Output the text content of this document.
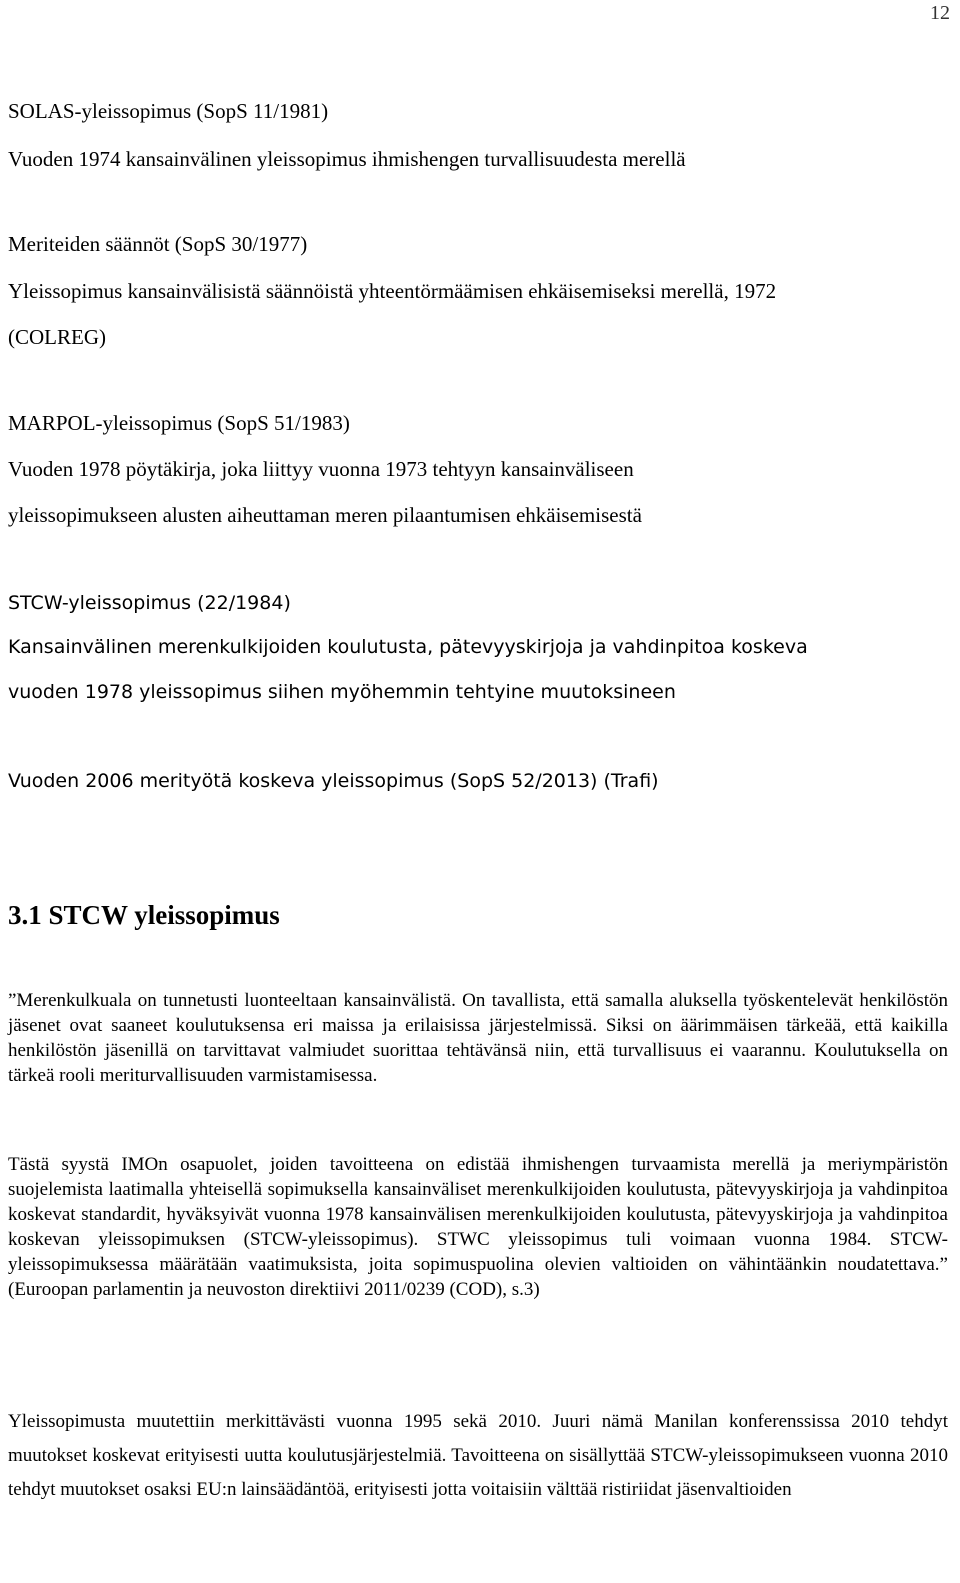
12
SOLAS-yleissopimus (SopS 11/1981)
Vuoden 1974 kansainvälinen yleissopimus ihmishengen turvallisuudesta merellä
Meriteiden säännöt (SopS 30/1977)
Yleissopimus kansainvälisistä säännöistä yhteentörmäämisen ehkäisemiseksi merellä, 1972
(COLREG)
MARPOL-yleissopimus (SopS 51/1983)
Vuoden 1978 pöytäkirja, joka liittyy vuonna 1973 tehtyyn kansainväliseen
yleissopimukseen alusten aiheuttaman meren pilaantumisen ehkäisemisestä
STCW-yleissopimus (22/1984)
Kansainvälinen merenkulkijoiden koulutusta, pätevyyskirjoja ja vahdinpitoa koskeva
vuoden 1978 yleissopimus siihen myöhemmin tehtyine muutoksineen
Vuoden 2006 merityötä koskeva yleissopimus (SopS 52/2013) (Trafi)
3.1 STCW yleissopimus

”Merenkulkuala on tunnetusti luonteeltaan kansainvälistä. On tavallista, että samalla aluksella työskentelevät henkilöstön jäsenet ovat saaneet koulutuksensa eri maissa ja erilaisissa järjestelmissä. Siksi on äärimmäisen tärkeää, että kaikilla henkilöstön jäsenillä on tarvittavat valmiudet suorittaa tehtävänsä niin, että turvallisuus ei vaarannu. Koulutuksella on tärkeä rooli meriturvallisuuden varmistamisessa.

Tästä syystä IMOn osapuolet, joiden tavoitteena on edistää ihmishengen turvaamista merellä ja meriympäristön suojelemista laatimalla yhteisellä sopimuksella kansainväliset merenkulkijoiden koulutusta, pätevyyskirjoja ja vahdinpitoa koskevat standardit, hyväksyivät vuonna 1978 kansainvälisen merenkulkijoiden koulutusta, pätevyyskirjoja ja vahdinpitoa koskevan yleissopimuksen (STCW-yleissopimus). STWC yleissopimus tuli voimaan vuonna 1984. STCW-yleissopimuksessa määrätään vaatimuksista, joita sopimuspuolina olevien valtioiden on vähintäänkin noudatettava.” (Euroopan parlamentin ja neuvoston direktiivi 2011/0239 (COD), s.3)

Yleissopimusta muutettiin merkittävästi vuonna 1995 sekä 2010. Juuri nämä Manilan konferenssissa 2010 tehdyt muutokset koskevat erityisesti uutta koulutusjärjestelmiä. Tavoitteena on sisällyttää STCW-yleissopimukseen vuonna 2010 tehdyt muutokset osaksi EU:n lainsäädäntöä, erityisesti jotta voitaisiin välttää ristiriidat jäsenvaltioiden
